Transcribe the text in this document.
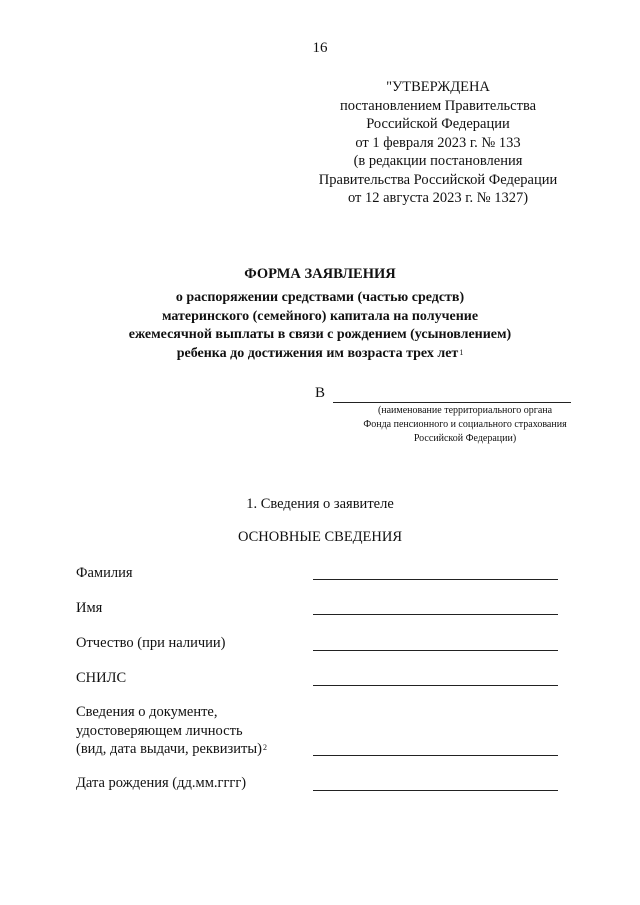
16
"УТВЕРЖДЕНА
постановлением Правительства
Российской Федерации
от 1 февраля 2023 г. № 133
(в редакции постановления
Правительства Российской Федерации
от 12 августа 2023 г. № 1327)
ФОРМА ЗАЯВЛЕНИЯ
о распоряжении средствами (частью средств)
материнского (семейного) капитала на получение
ежемесячной выплаты в связи с рождением (усыновлением)
ребенка до достижения им возраста трех лет$^1$
В
(наименование территориального органа
Фонда пенсионного и социального страхования
Российской Федерации)
1. Сведения о заявителе
ОСНОВНЫЕ СВЕДЕНИЯ
Фамилия
Имя
Отчество (при наличии)
СНИЛС
Сведения о документе,
удостоверяющем личность
(вид, дата выдачи, реквизиты)$^2$
Дата рождения (дд.мм.гггг)
